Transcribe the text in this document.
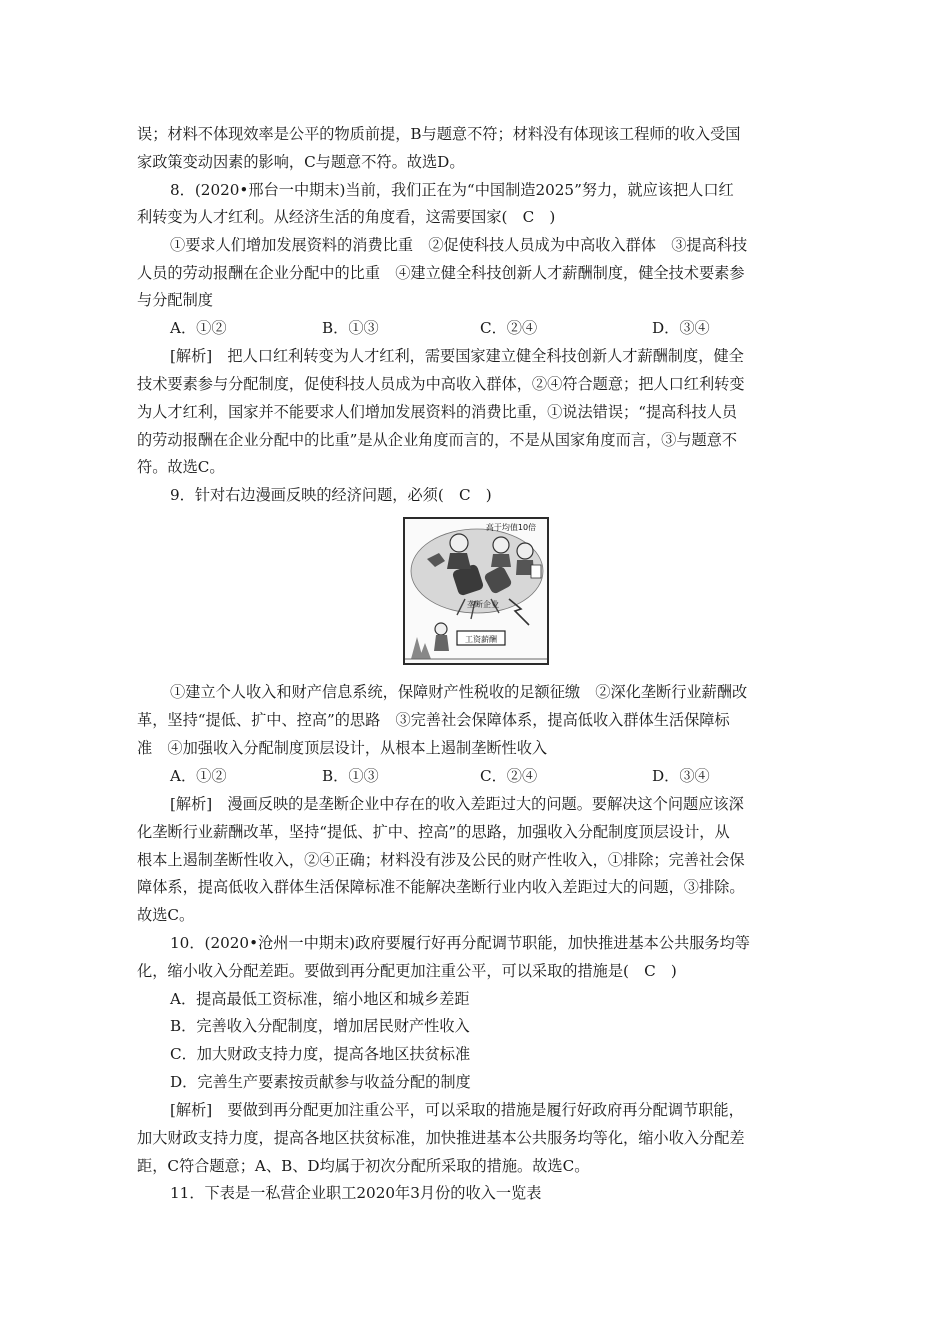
误；材料不体现效率是公平的物质前提，B与题意不符；材料没有体现该工程师的收入受国
家政策变动因素的影响，C与题意不符。故选D。
8．(2020•邢台一中期末)当前，我们正在为“中国制造2025”努力，就应该把人口红
利转变为人才红利。从经济生活的角度看，这需要国家(　C　)
①要求人们增加发展资料的消费比重　②促使科技人员成为中高收入群体　③提高科技
人员的劳动报酬在企业分配中的比重　④建立健全科技创新人才薪酬制度，健全技术要素参
与分配制度
A．①②	B．①③	C．②④	D．③④
[解析]　把人口红利转变为人才红利，需要国家建立健全科技创新人才薪酬制度，健全
技术要素参与分配制度，促使科技人员成为中高收入群体，②④符合题意；把人口红利转变
为人才红利，国家并不能要求人们增加发展资料的消费比重，①说法错误；“提高科技人员
的劳动报酬在企业分配中的比重”是从企业角度而言的，不是从国家角度而言，③与题意不
符。故选C。
9．针对右边漫画反映的经济问题，必须(　C　)
高于均值10倍
垄断企业
工资薪酬
①建立个人收入和财产信息系统，保障财产性税收的足额征缴　②深化垄断行业薪酬改
革，坚持“提低、扩中、控高”的思路　③完善社会保障体系，提高低收入群体生活保障标
准　④加强收入分配制度顶层设计，从根本上遏制垄断性收入
A．①②	B．①③	C．②④	D．③④
[解析]　漫画反映的是垄断企业中存在的收入差距过大的问题。要解决这个问题应该深
化垄断行业薪酬改革，坚持“提低、扩中、控高”的思路，加强收入分配制度顶层设计，从
根本上遏制垄断性收入，②④正确；材料没有涉及公民的财产性收入，①排除；完善社会保
障体系，提高低收入群体生活保障标准不能解决垄断行业内收入差距过大的问题，③排除。
故选C。
10．(2020•沧州一中期末)政府要履行好再分配调节职能，加快推进基本公共服务均等
化，缩小收入分配差距。要做到再分配更加注重公平，可以采取的措施是(　C　)
A．提高最低工资标准，缩小地区和城乡差距
B．完善收入分配制度，增加居民财产性收入
C．加大财政支持力度，提高各地区扶贫标准
D．完善生产要素按贡献参与收益分配的制度
[解析]　要做到再分配更加注重公平，可以采取的措施是履行好政府再分配调节职能，
加大财政支持力度，提高各地区扶贫标准，加快推进基本公共服务均等化，缩小收入分配差
距，C符合题意；A、B、D均属于初次分配所采取的措施。故选C。
11．下表是一私营企业职工2020年3月份的收入一览表
